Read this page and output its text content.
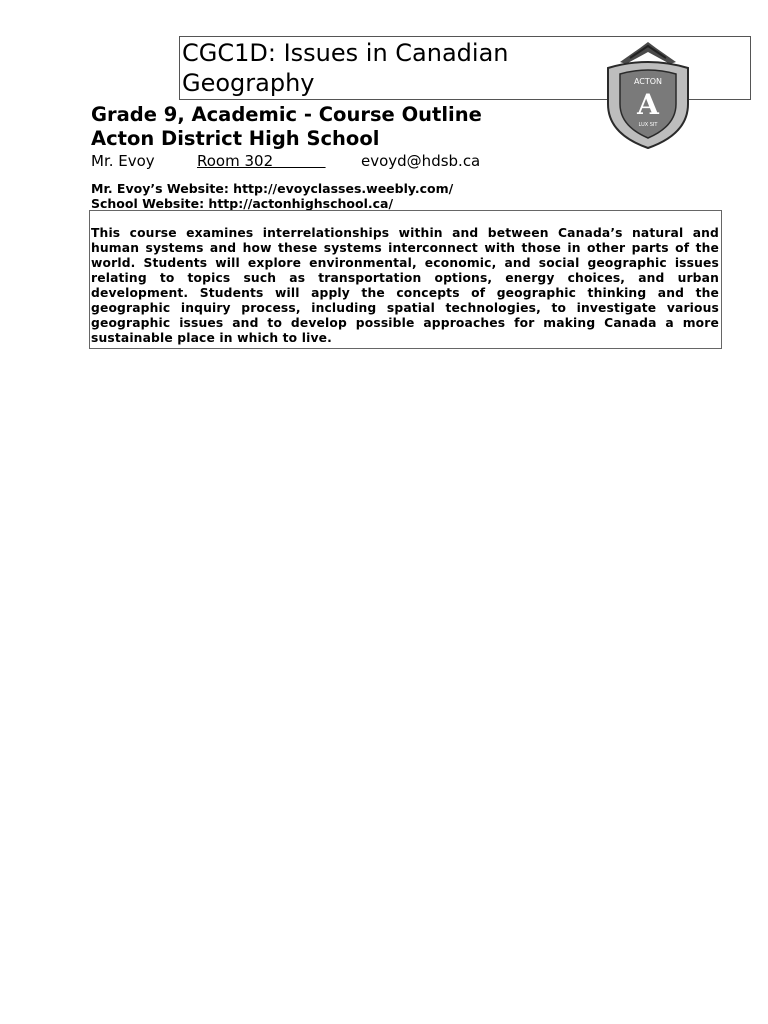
CGC1D: Issues in Canadian Geography	ACTON
A
LUX SIT
Grade 9, Academic - Course Outline
Acton District High School
Mr. Evoy	Room 302 evoyd@hdsb.ca
Mr. Evoy’s Website: http://evoyclasses.weebly.com/
School Website: http://actonhighschool.ca/

This course examines interrelationships within and between Canada’s natural and human systems and how these systems interconnect with those in other parts of the world. Students will explore environmental, economic, and social geographic issues relating to topics such as transportation options, energy choices, and urban development. Students will apply the concepts of geographic thinking and the geographic inquiry process, including spatial technologies, to investigate various geographic issues and to develop possible approaches for making Canada a more sustainable place in which to live.
